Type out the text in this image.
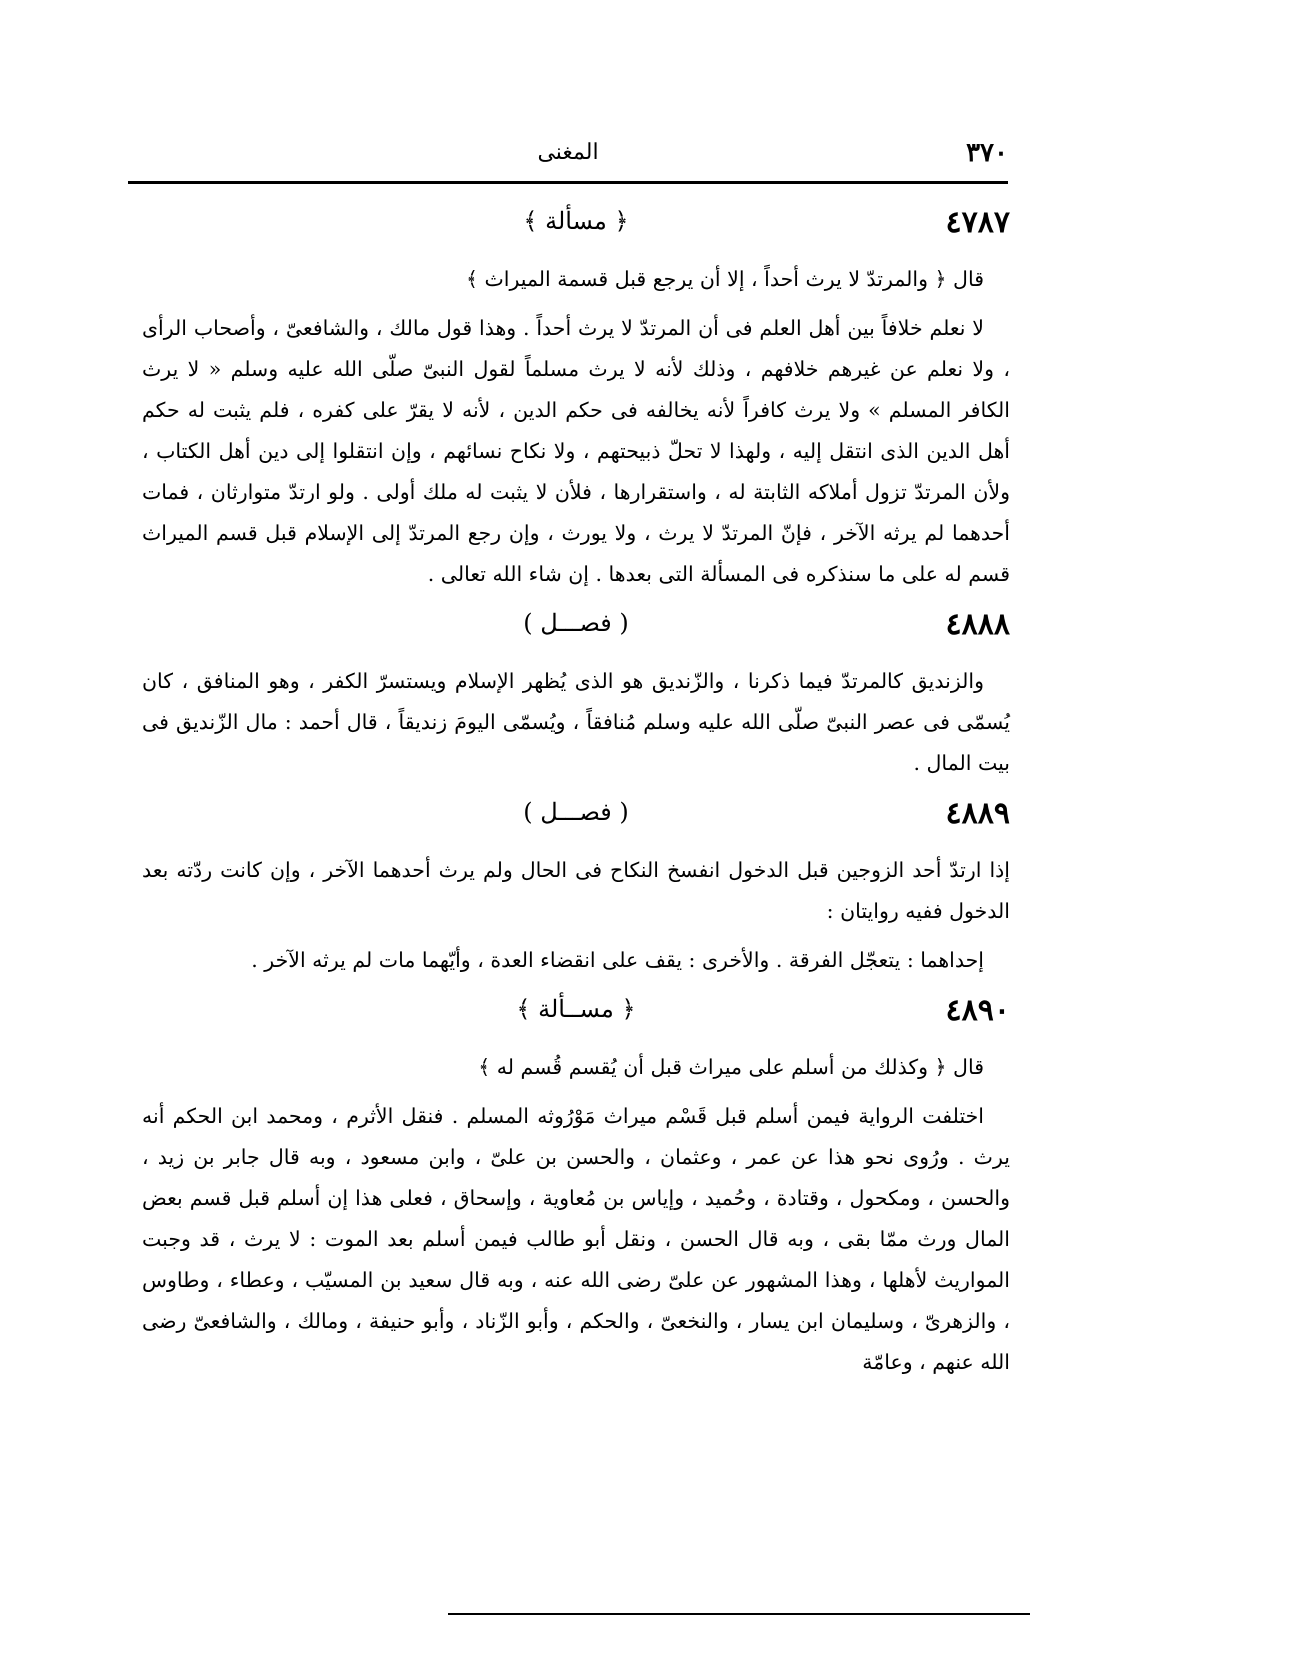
٣٧٠
المغنى
٤٧٨٧
﴿ مسألة ﴾

قال ﴿ والمرتدّ لا يرث أحداً ، إلا أن يرجع قبل قسمة الميراث ﴾

لا نعلم خلافاً بين أهل العلم فى أن المرتدّ لا يرث أحداً . وهذا قول مالك ، والشافعىّ ، وأصحاب الرأى ، ولا نعلم عن غيرهم خلافهم ، وذلك لأنه لا يرث مسلماً لقول النبىّ صلّى الله عليه وسلم « لا يرث الكافر المسلم » ولا يرث كافراً لأنه يخالفه فى حكم الدين ، لأنه لا يقرّ على كفره ، فلم يثبت له حكم أهل الدين الذى انتقل إليه ، ولهذا لا تحلّ ذبيحتهم ، ولا نكاح نسائهم ، وإن انتقلوا إلى دين أهل الكتاب ، ولأن المرتدّ تزول أملاكه الثابتة له ، واستقرارها ، فلأن لا يثبت له ملك أولى . ولو ارتدّ متوارثان ، فمات أحدهما لم يرثه الآخر ، فإنّ المرتدّ لا يرث ، ولا يورث ، وإن رجع المرتدّ إلى الإسلام قبل قسم الميراث قسم له على ما سنذكره فى المسألة التى بعدها . إن شاء الله تعالى .

٤٨٨٨
( فصـــل )

والزنديق كالمرتدّ فيما ذكرنا ، والزّنديق هو الذى يُظهر الإسلام ويستسرّ الكفر ، وهو المنافق ، كان يُسمّى فى عصر النبىّ صلّى الله عليه وسلم مُنافقاً ، ويُسمّى اليومَ زنديقاً ، قال أحمد : مال الزّنديق فى بيت المال .

٤٨٨٩
( فصـــل )

إذا ارتدّ أحد الزوجين قبل الدخول انفسخ النكاح فى الحال ولم يرث أحدهما الآخر ، وإن كانت ردّته بعد الدخول ففيه روايتان :

إحداهما : يتعجّل الفرقة . والأخرى : يقف على انقضاء العدة ، وأيّهما مات لم يرثه الآخر .

٤٨٩٠
﴿ مســألة ﴾

قال ﴿ وكذلك من أسلم على ميراث قبل أن يُقسم قُسم له ﴾

اختلفت الرواية فيمن أسلم قبل قَسْم ميراث مَوْرُوثه المسلم . فنقل الأثرم ، ومحمد ابن الحكم أنه يرث . ورُوى نحو هذا عن عمر ، وعثمان ، والحسن بن علىّ ، وابن مسعود ، وبه قال جابر بن زيد ، والحسن ، ومكحول ، وقتادة ، وحُميد ، وإياس بن مُعاوية ، وإسحاق ، فعلى هذا إن أسلم قبل قسم بعض المال ورث ممّا بقى ، وبه قال الحسن ، ونقل أبو طالب فيمن أسلم بعد الموت : لا يرث ، قد وجبت المواريث لأهلها ، وهذا المشهور عن علىّ رضى الله عنه ، وبه قال سعيد بن المسيّب ، وعطاء ، وطاوس ، والزهرىّ ، وسليمان ابن يسار ، والنخعىّ ، والحكم ، وأبو الزّناد ، وأبو حنيفة ، ومالك ، والشافعىّ رضى الله عنهم ، وعامّة
